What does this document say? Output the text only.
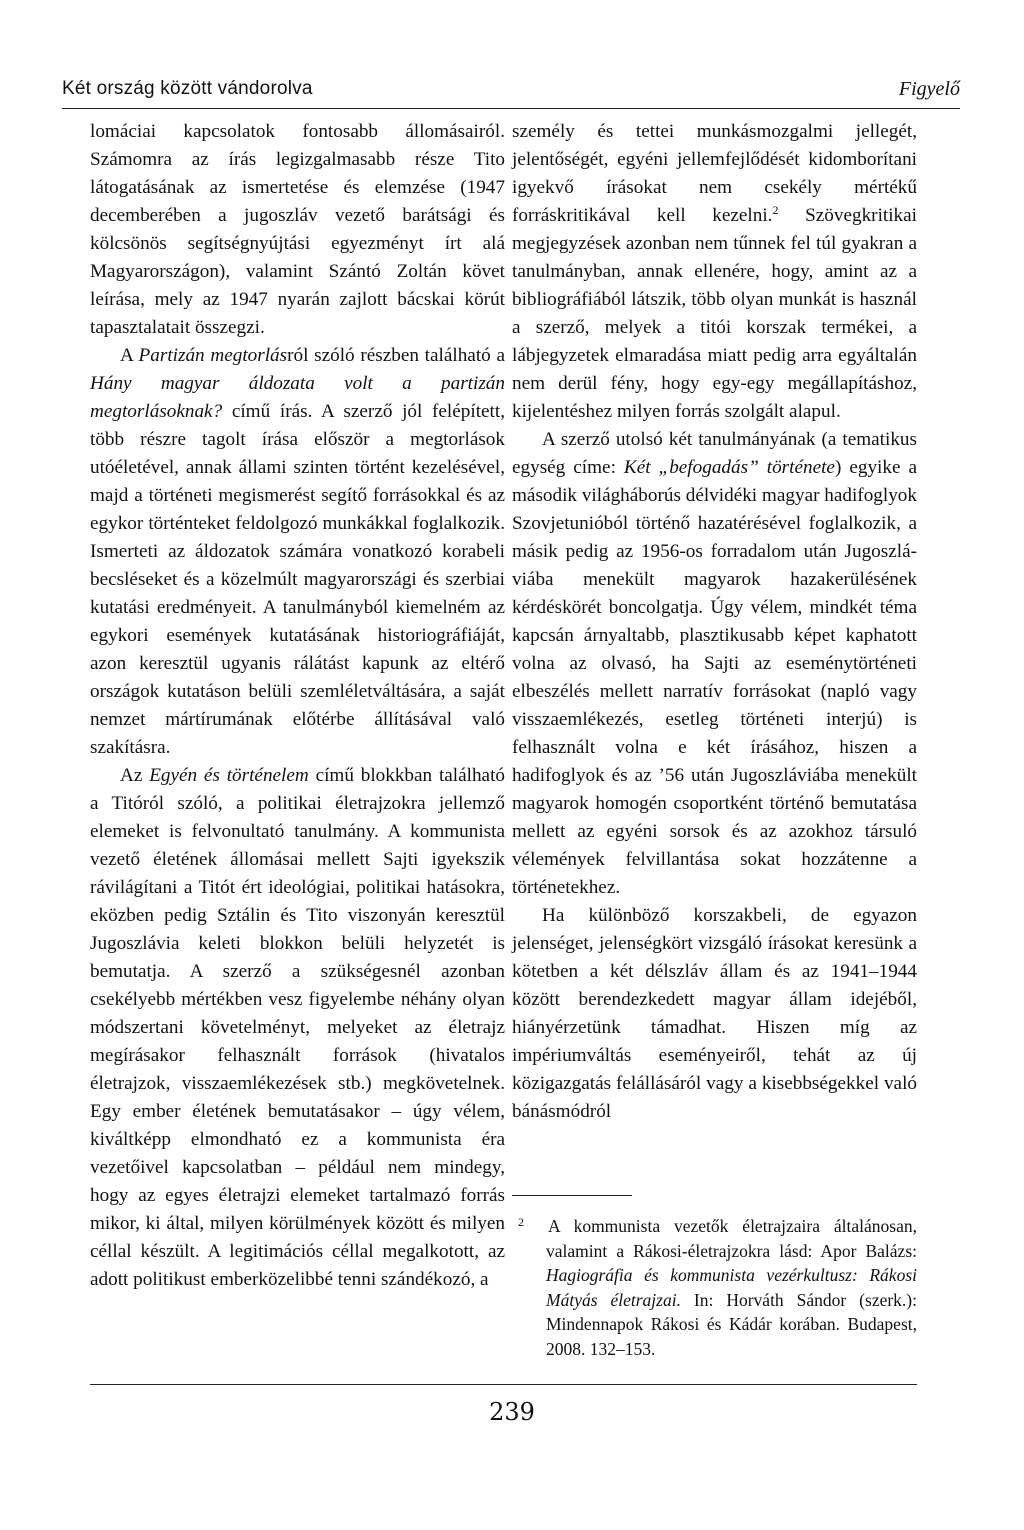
Két ország között vándorolva	Figyelő

lomáciai kapcsolatok fontosabb állomásairól. Számomra az írás legizgalmasabb része Tito látogatásának az ismertetése és elemzése (1947 decemberében a jugoszláv vezető barátsági és kölcsönös segítségnyújtási egyezményt írt alá Magyarországon), valamint Szántó Zoltán követ leírása, mely az 1947 nyarán zajlott bácskai körút tapasztalatait összegzi.

A Partizán megtorlásról szóló részben található a Hány magyar áldozata volt a partizán megtorlásoknak? című írás. A szerző jól felépített, több részre tagolt írása először a megtorlások utóéletével, annak állami szinten történt kezelésével, majd a történeti megismerést segítő forrásokkal és az egykor történteket feldolgozó munkákkal foglalkozik. Ismerteti az áldozatok számára vonatkozó korabeli becsléseket és a közelmúlt magyarországi és szerbiai kutatási eredményeit. A tanulmányból kiemelném az egykori események kutatásának historiográfiáját, azon keresztül ugyanis rálátást kapunk az eltérő országok kutatáson belüli szemléletváltására, a saját nemzet mártírumának előtérbe állításával való szakításra.

Az Egyén és történelem című blokkban található a Titóról szóló, a politikai életrajzokra jellemző elemeket is felvonultató tanulmány. A kommunista vezető életének állomásai mellett Sajti igyekszik rávilágítani a Titót ért ideológiai, politikai hatásokra, eközben pedig Sztálin és Tito viszonyán keresztül Jugoszlávia keleti blokkon belüli helyzetét is bemutatja. A szerző a szükségesnél azonban csekélyebb mértékben vesz figyelembe néhány olyan módszertani követelményt, melyeket az életrajz megírásakor felhasznált források (hivatalos életrajzok, visszaemlékezések stb.) megkövetelnek. Egy ember életének bemutatásakor – úgy vélem, kiváltképp elmondható ez a kommunista éra vezetőivel kapcsolatban – például nem mindegy, hogy az egyes életrajzi elemeket tartalmazó forrás mikor, ki által, milyen körülmények között és milyen céllal készült. A legitimációs céllal megalkotott, az adott politikust emberközelibbé tenni szándékozó, a

személy és tettei munkásmozgalmi jellegét, jelentőségét, egyéni jellemfejlődését kidomborítani igyekvő írásokat nem csekély mértékű forráskritikával kell kezelni.$^2$ Szövegkritikai megjegyzések azonban nem tűnnek fel túl gyakran a tanulmányban, annak ellenére, hogy, amint az a bibliográfiából látszik, több olyan munkát is használ a szerző, melyek a titói korszak termékei, a lábjegyzetek elmaradása miatt pedig arra egyáltalán nem derül fény, hogy egy-egy megállapításhoz, kijelentéshez milyen forrás szolgált alapul.

A szerző utolsó két tanulmányának (a tematikus egység címe: Két „befogadás” története) egyike a második világháborús délvidéki magyar hadifoglyok Szovjetunióból történő hazatérésével foglalkozik, a másik pedig az 1956-os forradalom után Jugoszláviába menekült magyarok hazakerülésének kérdéskörét boncolgatja. Úgy vélem, mindkét téma kapcsán árnyaltabb, plasztikusabb képet kaphatott volna az olvasó, ha Sajti az eseménytörténeti elbeszélés mellett narratív forrásokat (napló vagy visszaemlékezés, esetleg történeti interjú) is felhasznált volna e két írásához, hiszen a hadifoglyok és az ’56 után Jugoszláviába menekült magyarok homogén csoportként történő bemutatása mellett az egyéni sorsok és az azokhoz társuló vélemények felvillantása sokat hozzátenne a történetekhez.

Ha különböző korszakbeli, de egyazon jelenséget, jelenségkört vizsgáló írásokat keresünk a kötetben a két délszláv állam és az 1941–1944 között berendezkedett magyar állam idejéből, hiányérzetünk támadhat. Hiszen míg az impériumváltás eseményeiről, tehát az új közigazgatás felállásáról vagy a kisebbségekkel való bánásmódról

2 A kommunista vezetők életrajzaira általánosan, valamint a Rákosi-életrajzokra lásd: Apor Balázs: Hagiográfia és kommunista vezérkultusz: Rákosi Mátyás életrajzai. In: Horváth Sándor (szerk.): Mindennapok Rákosi és Kádár korában. Budapest, 2008. 132–153.
239
